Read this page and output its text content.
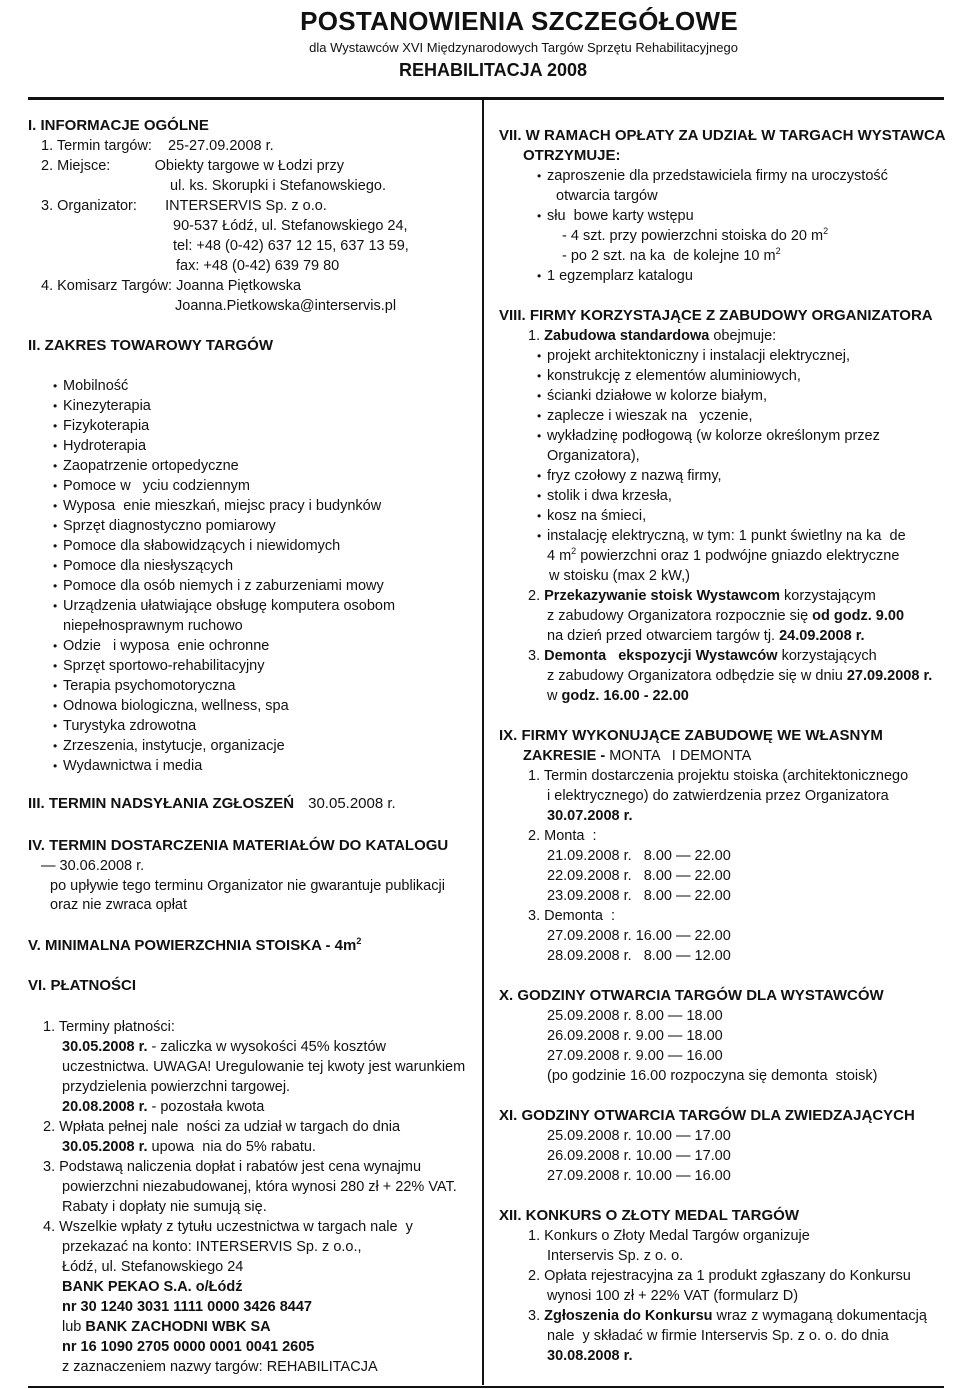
POSTANOWIENIA SZCZEGÓŁOWE
dla Wystawców XVI Międzynarodowych Targów Sprzętu Rehabilitacyjnego
REHABILITACJA 2008
I. INFORMACJE OGÓLNE
1. Termin targów:    25-27.09.2008 r.
2. Miejsce:           Obiekty targowe w Łodzi przy
ul. ks. Skorupki i Stefanowskiego.
3. Organizator:       INTERSERVIS Sp. z o.o.
90-537 Łódź, ul. Stefanowskiego 24,
tel: +48 (0-42) 637 12 15, 637 13 59,
fax: +48 (0-42) 639 79 80
4. Komisarz Targów: Joanna Piętkowska
Joanna.Pietkowska@interservis.pl
II. ZAKRES TOWAROWY TARGÓW
• Mobilność
• Kinezyterapia
• Fizykoterapia
• Hydroterapia
• Zaopatrzenie ortopedyczne
• Pomoce w   yciu codziennym
• Wyposa  enie mieszkań, miejsc pracy i budynków
• Sprzęt diagnostyczno pomiarowy
• Pomoce dla słabowidzących i niewidomych
• Pomoce dla niesłyszących
• Pomoce dla osób niemych i z zaburzeniami mowy
• Urządzenia ułatwiające obsługę komputera osobom
• Odzie   i wyposa  enie ochronne
• Sprzęt sportowo-rehabilitacyjny
• Terapia psychomotoryczna
• Odnowa biologiczna, wellness, spa
• Turystyka zdrowotna
• Zrzeszenia, instytucje, organizacje
• Wydawnictwa i media
niepełnosprawnym ruchowo
III. TERMIN NADSYŁANIA ZGŁOSZEŃ 30.05.2008 r.
IV. TERMIN DOSTARCZENIA MATERIAŁÓW DO KATALOGU
— 30.06.2008 r.
po upływie tego terminu Organizator nie gwarantuje publikacji
oraz nie zwraca opłat
V. MINIMALNA POWIERZCHNIA STOISKA - $4m^2$
VI. PŁATNOŚCI
1. Terminy płatności:
30.05.2008 r. - zaliczka w wysokości 45% kosztów
uczestnictwa. UWAGA! Uregulowanie tej kwoty jest warunkiem
przydzielenia powierzchni targowej.
20.08.2008 r. - pozostała kwota
2. Wpłata pełnej nale  ności za udział w targach do dnia
30.05.2008 r. upowa  nia do 5% rabatu.
3. Podstawą naliczenia dopłat i rabatów jest cena wynajmu
powierzchni niezabudowanej, która wynosi 280 zł + 22% VAT.
Rabaty i dopłaty nie sumują się.
4. Wszelkie wpłaty z tytułu uczestnictwa w targach nale  y
przekazać na konto: INTERSERVIS Sp. z o.o.,
Łódź, ul. Stefanowskiego 24
BANK PEKAO S.A. o/Łódź
nr 30 1240 3031 1111 0000 3426 8447
lub BANK ZACHODNI WBK SA
nr 16 1090 2705 0000 0001 0041 2605
z zaznaczeniem nazwy targów: REHABILITACJA
VII. W RAMACH OPŁATY ZA UDZIAŁ W TARGACH WYSTAWCA
OTRZYMUJE:
• zaproszenie dla przedstawiciela firmy na uroczystość
otwarcia targów
• słu  bowe karty wstępu
- 4 szt. przy powierzchni stoiska do 20 $m^2$
- po 2 szt. na ka  de kolejne 10 $m^2$
• 1 egzemplarz katalogu
VIII. FIRMY KORZYSTAJĄCE Z ZABUDOWY ORGANIZATORA
1. Zabudowa standardowa obejmuje:
• projekt architektoniczny i instalacji elektrycznej,
• konstrukcję z elementów aluminiowych,
• ścianki działowe w kolorze białym,
• zaplecze i wieszak na   yczenie,
• wykładzinę podłogową (w kolorze określonym przez
• fryz czołowy z nazwą firmy,
• stolik i dwa krzesła,
• kosz na śmieci,
• instalację elektryczną, w tym: 1 punkt świetlny na ka  de
Organizatora),
4 $m^2$ powierzchni oraz 1 podwójne gniazdo elektryczne
w stoisku (max 2 kW,)
2. Przekazywanie stoisk Wystawcom korzystającym
z zabudowy Organizatora rozpocznie się od godz. 9.00
na dzień przed otwarciem targów tj. 24.09.2008 r.
3. Demonta   ekspozycji Wystawców korzystających
z zabudowy Organizatora odbędzie się w dniu 27.09.2008 r.
w godz. 16.00 - 22.00
IX. FIRMY WYKONUJĄCE ZABUDOWĘ WE WŁASNYM
ZAKRESIE - MONTA   I DEMONTA
1. Termin dostarczenia projektu stoiska (architektonicznego
i elektrycznego) do zatwierdzenia przez Organizatora
30.07.2008 r.
2. Monta  :
21.09.2008 r.   8.00 — 22.00
22.09.2008 r.   8.00 — 22.00
23.09.2008 r.   8.00 — 22.00
3. Demonta  :
27.09.2008 r. 16.00 — 22.00
28.09.2008 r.   8.00 — 12.00
X. GODZINY OTWARCIA TARGÓW DLA WYSTAWCÓW
25.09.2008 r. 8.00 — 18.00
26.09.2008 r. 9.00 — 18.00
27.09.2008 r. 9.00 — 16.00
(po godzinie 16.00 rozpoczyna się demonta  stoisk)
XI. GODZINY OTWARCIA TARGÓW DLA ZWIEDZAJĄCYCH
25.09.2008 r. 10.00 — 17.00
26.09.2008 r. 10.00 — 17.00
27.09.2008 r. 10.00 — 16.00
XII. KONKURS O ZŁOTY MEDAL TARGÓW
1. Konkurs o Złoty Medal Targów organizuje
Interservis Sp. z o. o.
2. Opłata rejestracyjna za 1 produkt zgłaszany do Konkursu
wynosi 100 zł + 22% VAT (formularz D)
3. Zgłoszenia do Konkursu wraz z wymaganą dokumentacją
nale  y składać w firmie Interservis Sp. z o. o. do dnia
30.08.2008 r.
